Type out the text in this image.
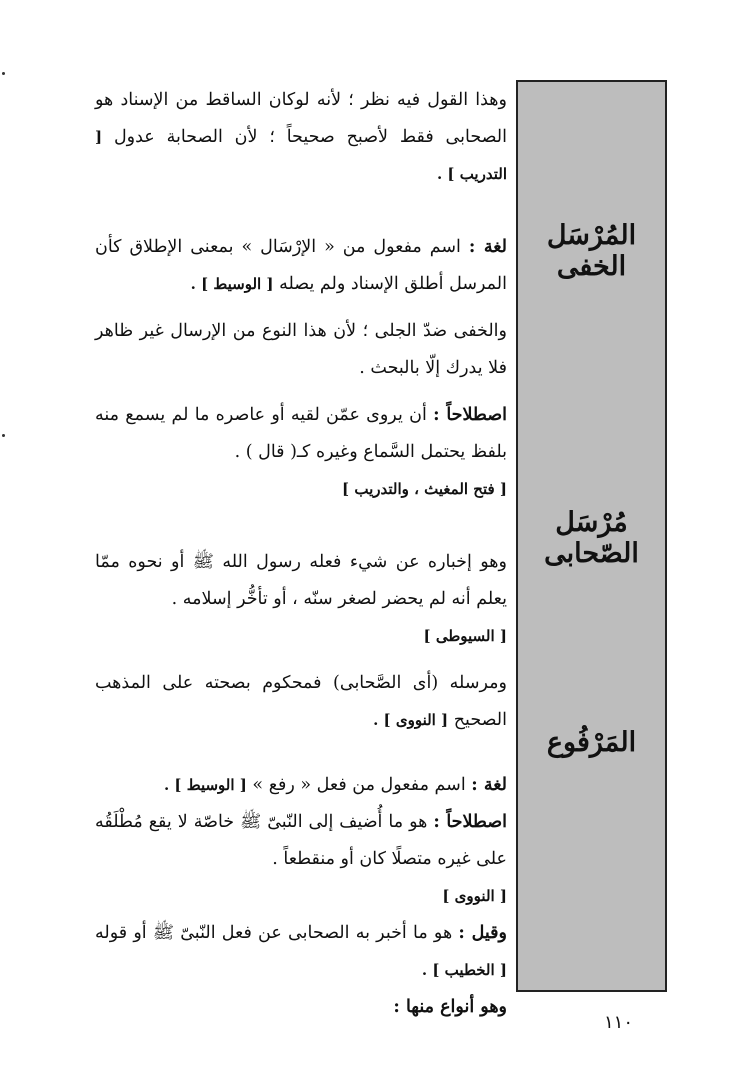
المُرْسَل الخفى
مُرْسَل الصّحابى
المَرْفُوع

وهذا القول فيه نظر ؛ لأنه لوكان الساقط من الإسناد هو الصحابى فقط لأصبح صحيحاً ؛ لأن الصحابة عدول [ التدريب ] .

لغة : اسم مفعول من « الإرْسَال » بمعنى الإطلاق كأن المرسل أطلق الإسناد ولم يصله [ الوسيط ] .

والخفى ضدّ الجلى ؛ لأن هذا النوع من الإرسال غير ظاهر فلا يدرك إلّا بالبحث .

اصطلاحاً : أن يروى عمّن لقيه أو عاصره ما لم يسمع منه بلفظ يحتمل السَّماع وغيره كـ( قال ) .

[ فتح المغيث ، والتدريب ]

وهو إخباره عن شيء فعله رسول الله ﷺ أو نحوه ممّا يعلم أنه لم يحضر لصغر سنّه ، أو تأخُّر إسلامه .

[ السيوطى ]

ومرسله (أى الصَّحابى) فمحكوم بصحته على المذهب الصحيح [ النووى ] .

لغة : اسم مفعول من فعل « رفع » [ الوسيط ] .

اصطلاحاً : هو ما أُضيف إلى النّبىّ ﷺ خاصّة لا يقع مُطْلَقُه على غيره متصلًا كان أو منقطعاً .

[ النووى ]

وقيل : هو ما أخبر به الصحابى عن فعل النّبىّ ﷺ أو قوله [ الخطيب ] .

وهو أنواع منها :

١١٠
